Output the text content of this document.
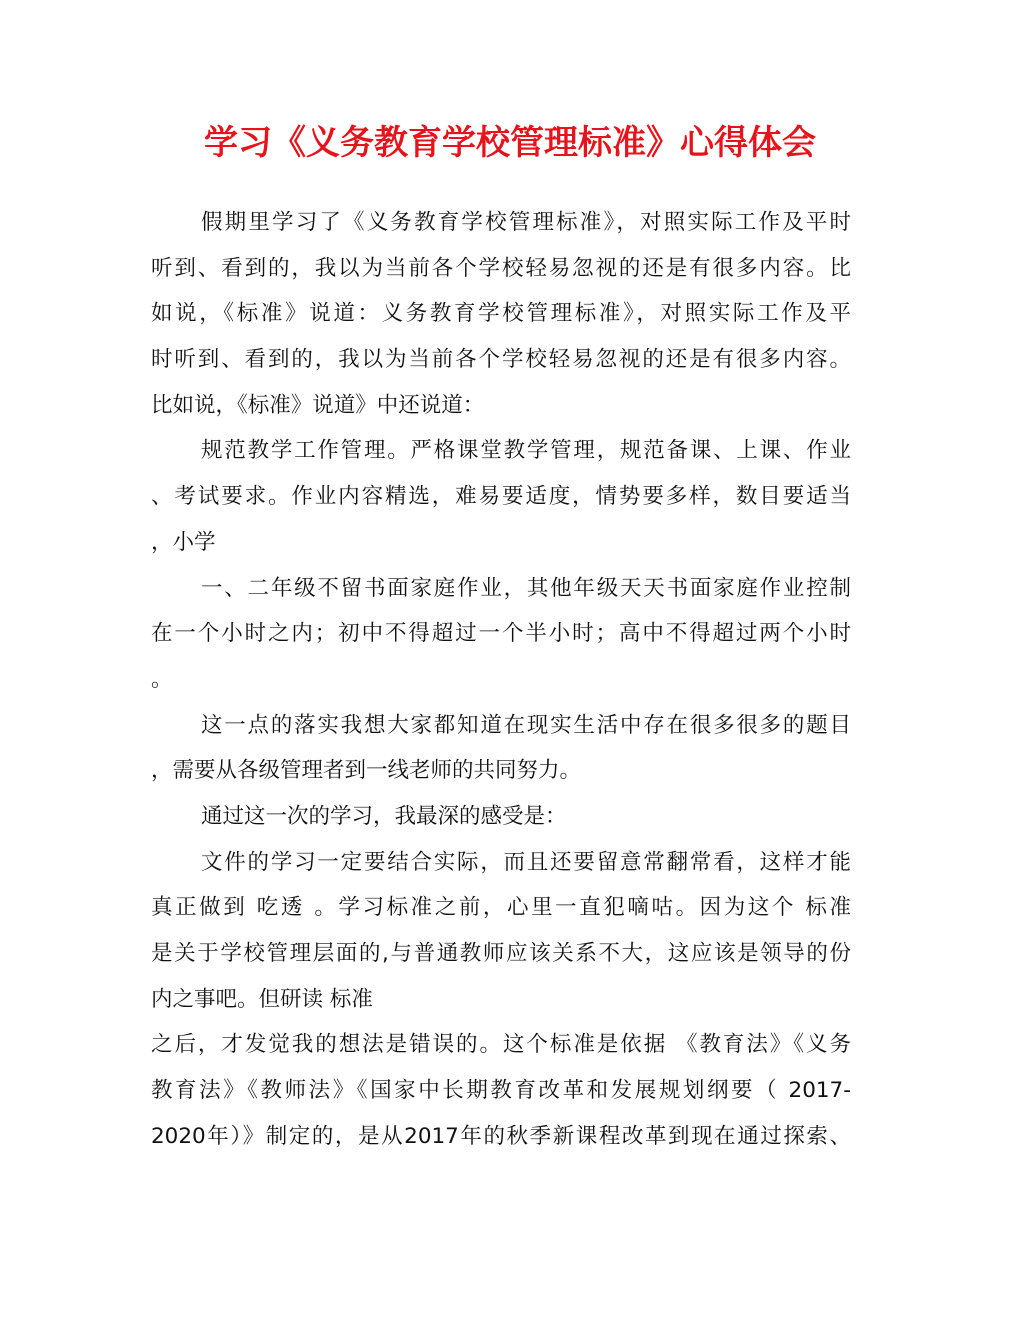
学习《义务教育学校管理标准》心得体会
假期里学习了《义务教育学校管理标准》，对照实际工作及平时
听到、看到的，我以为当前各个学校轻易忽视的还是有很多内容。比
如说，《标准》说道：义务教育学校管理标准》，对照实际工作及平
时听到、看到的，我以为当前各个学校轻易忽视的还是有很多内容。
比如说，《标准》说道》中还说道：
规范教学工作管理。严格课堂教学管理，规范备课、上课、作业
、考试要求。作业内容精选，难易要适度，情势要多样，数目要适当
，小学
一、二年级不留书面家庭作业，其他年级天天书面家庭作业控制
在一个小时之内；初中不得超过一个半小时；高中不得超过两个小时
。
这一点的落实我想大家都知道在现实生活中存在很多很多的题目
，需要从各级管理者到一线老师的共同努力。
通过这一次的学习，我最深的感受是：
文件的学习一定要结合实际，而且还要留意常翻常看，这样才能
真正做到 吃透 。学习标准之前，心里一直犯嘀咕。因为这个 标准
是关于学校管理层面的,与普通教师应该关系不大，这应该是领导的份
内之事吧。但研读 标准
之后，才发觉我的想法是错误的。这个标准是依据 《教育法》《义务
教育法》《教师法》《国家中长期教育改革和发展规划纲要（ 2017-
2020年）》制定的，是从2017年的秋季新课程改革到现在通过探索、
